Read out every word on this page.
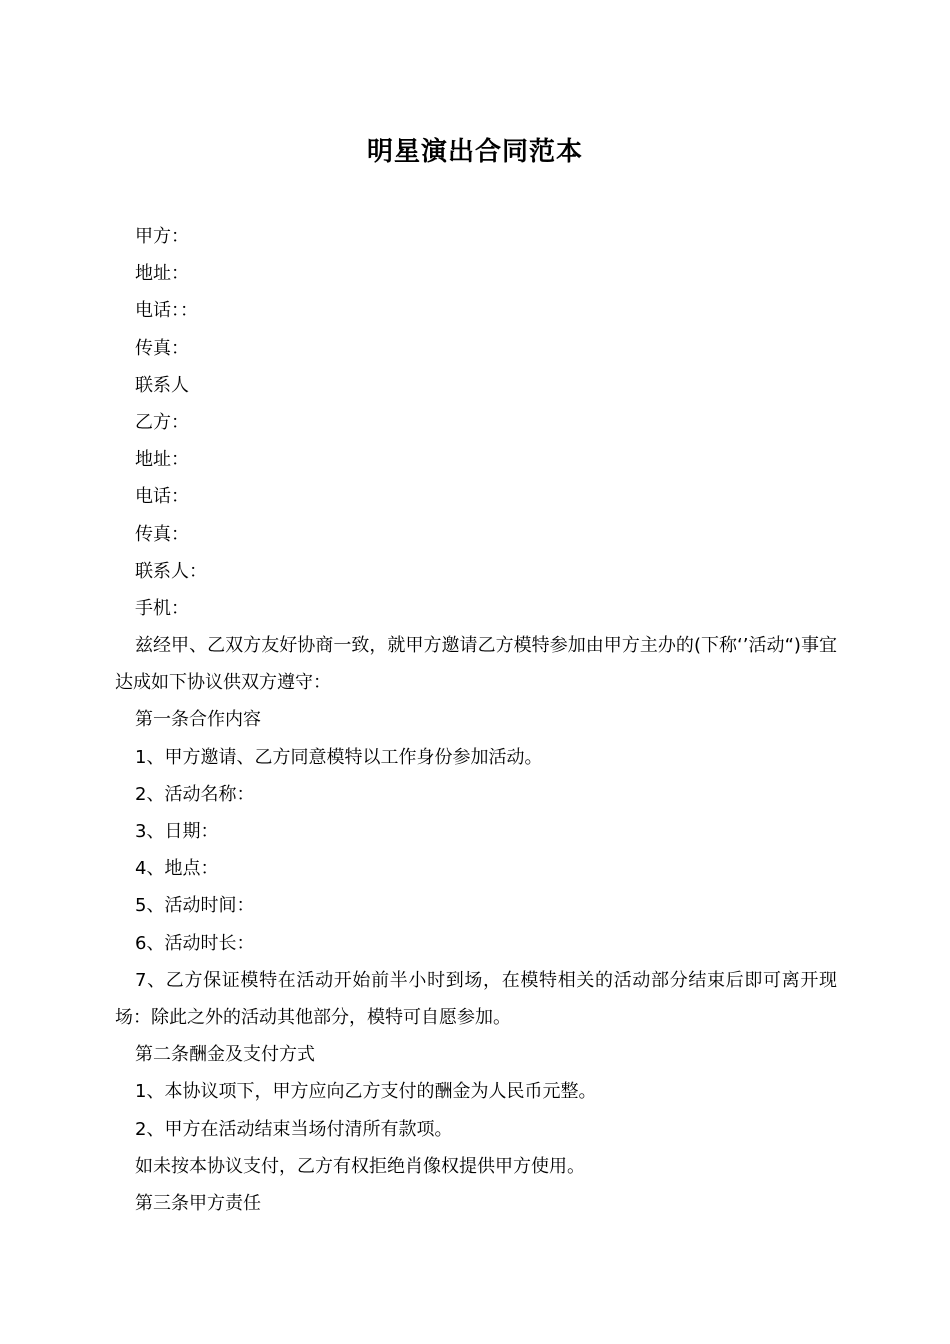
明星演出合同范本
甲方：
地址：
电话：：
传真：
联系人
乙方：
地址：
电话：
传真：
联系人：
手机：
兹经甲、乙双方友好协商一致，就甲方邀请乙方模特参加由甲方主办的(下称‘’活动“)事宜达成如下协议供双方遵守：
第一条合作内容
1、甲方邀请、乙方同意模特以工作身份参加活动。
2、活动名称：
3、日期：
4、地点：
5、活动时间：
6、活动时长：
7、乙方保证模特在活动开始前半小时到场，在模特相关的活动部分结束后即可离开现场：除此之外的活动其他部分，模特可自愿参加。
第二条酬金及支付方式
1、本协议项下，甲方应向乙方支付的酬金为人民币元整。
2、甲方在活动结束当场付清所有款项。
如未按本协议支付，乙方有权拒绝肖像权提供甲方使用。
第三条甲方责任
